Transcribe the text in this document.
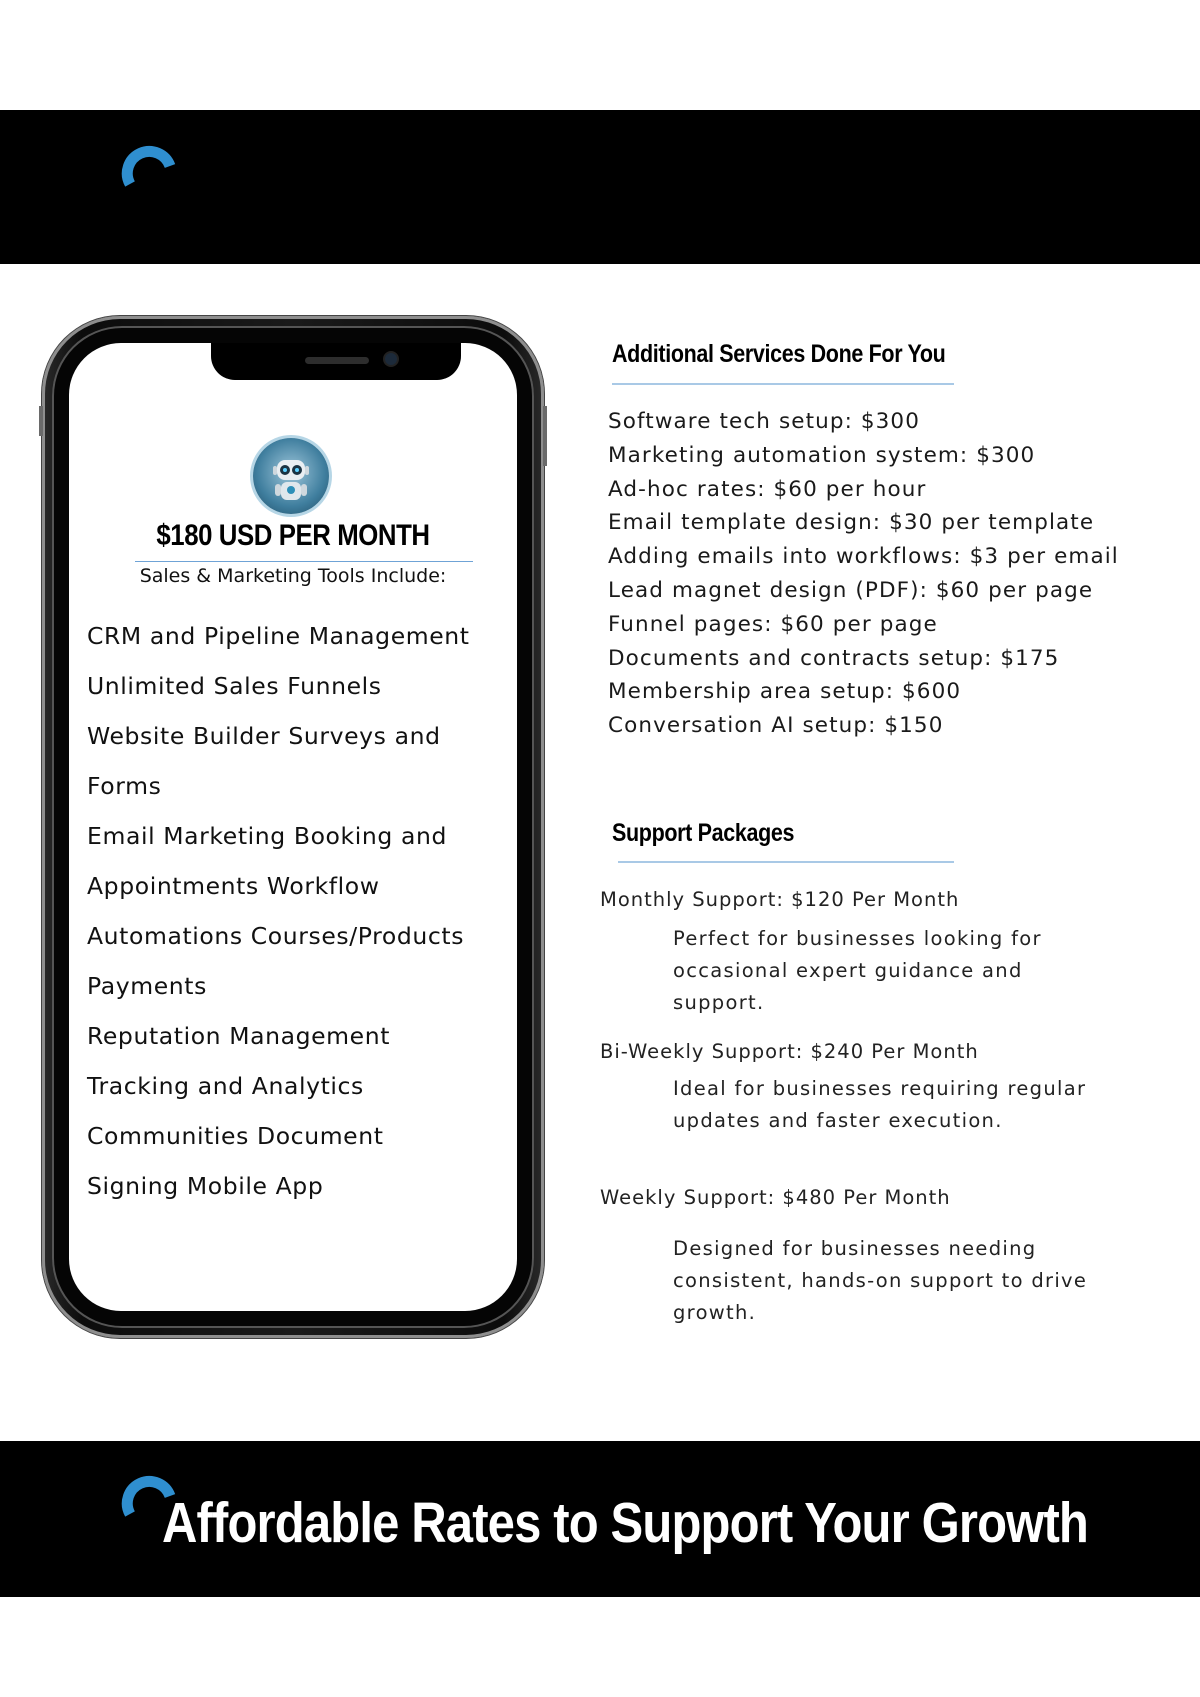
App & Services Price List
$180 USD PER MONTH
Sales & Marketing Tools Include:
CRM and Pipeline Management
Unlimited Sales Funnels
Website Builder Surveys and
Forms
Email Marketing Booking and
Appointments Workflow
Automations Courses/Products
Payments
Reputation Management
Tracking and Analytics
Communities Document
Signing Mobile App
Additional Services Done For You
Software tech setup: $300
Marketing automation system: $300
Ad-hoc rates: $60 per hour
Email template design: $30 per template
Adding emails into workflows: $3 per email
Lead magnet design (PDF): $60 per page
Funnel pages: $60 per page
Documents and contracts setup: $175
Membership area setup: $600
Conversation AI setup: $150
Support Packages
Monthly Support: $120 Per Month
Perfect for businesses looking for occasional expert guidance and support.
Bi-Weekly Support: $240 Per Month
Ideal for businesses requiring regular updates and faster execution.
Weekly Support: $480 Per Month
Designed for businesses needing consistent, hands-on support to drive growth.
Affordable Rates to Support Your Growth
